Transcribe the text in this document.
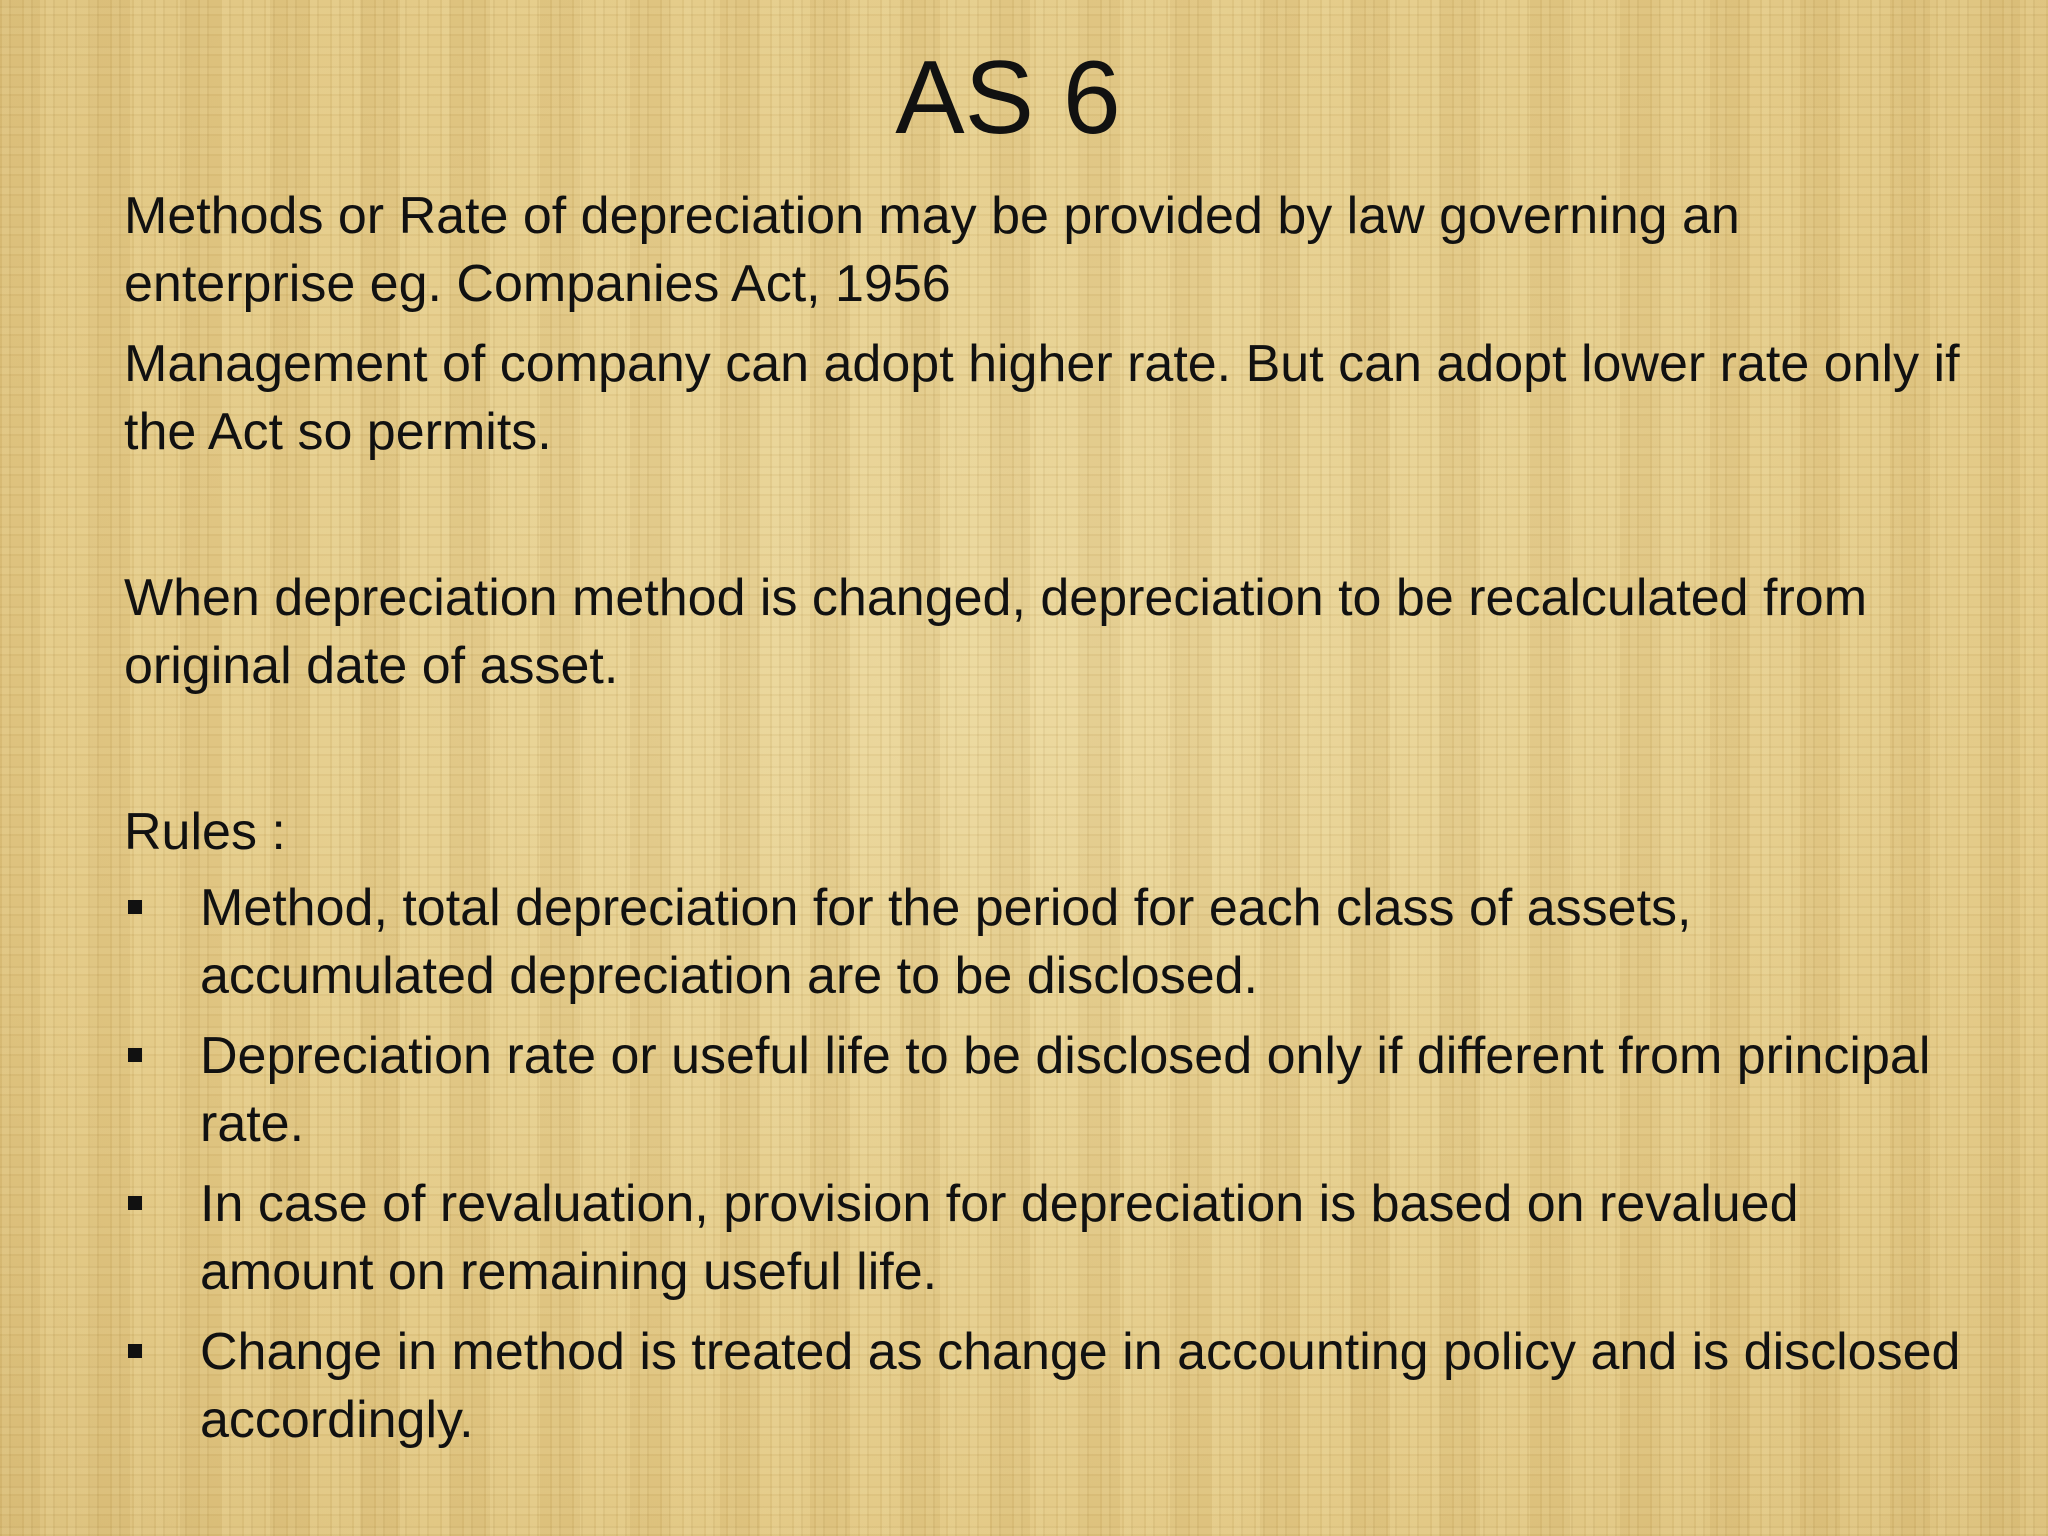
AS 6

Methods or Rate of depreciation may be provided by law governing an enterprise eg. Companies Act, 1956

Management of company can adopt higher rate. But can adopt lower rate only if the Act so permits.

When depreciation method is changed, depreciation to be recalculated from original date of asset.

Rules :

Method, total depreciation for the period for each class of assets, accumulated depreciation are to be disclosed.
Depreciation rate or useful life to be disclosed only if different from principal rate.
In case of revaluation, provision for depreciation is based on revalued amount on remaining useful life.
Change in method is treated as change in accounting policy and is disclosed accordingly.
